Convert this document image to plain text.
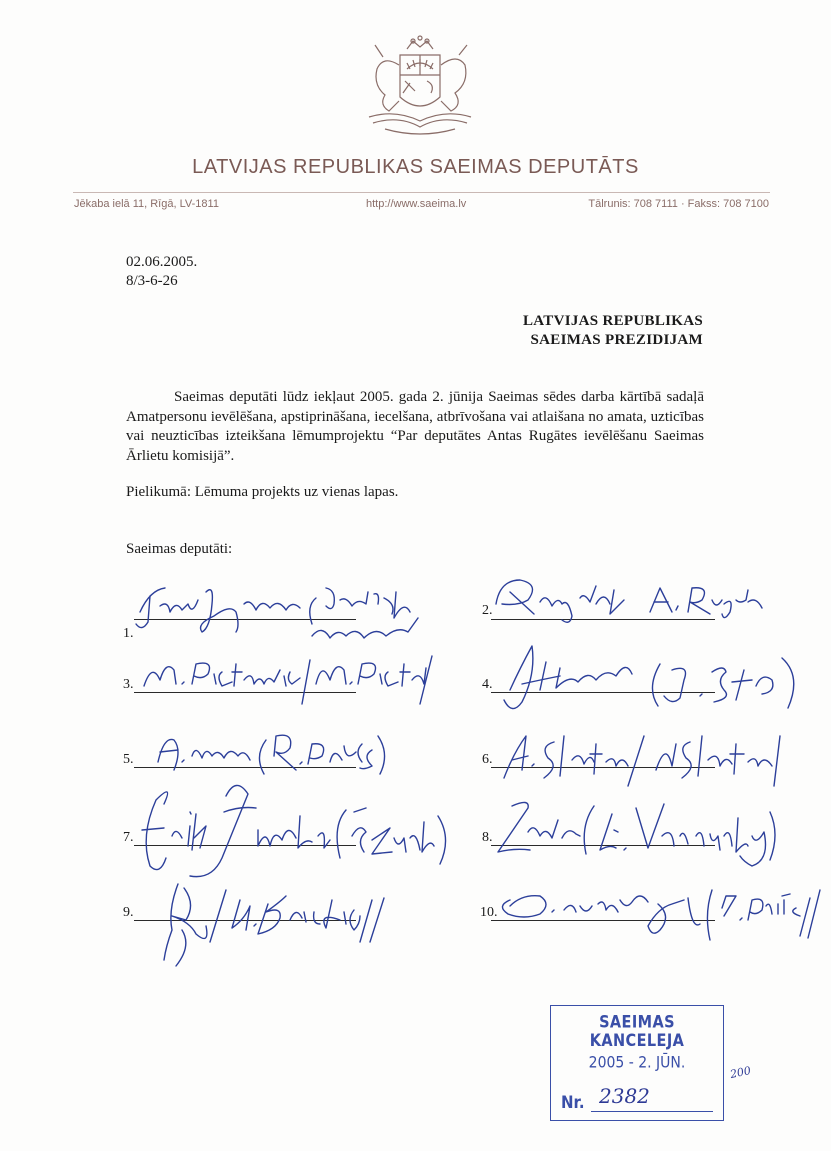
LATVIJAS REPUBLIKAS SAEIMAS DEPUTĀTS
Jēkaba ielā 11, Rīgā, LV-1811	http://www.saeima.lv	Tālrunis: 708 7111 · Fakss: 708 7100
02.06.2005.
8/3-6-26
LATVIJAS REPUBLIKAS
SAEIMAS PREZIDIJAM
Saeimas deputāti lūdz iekļaut 2005. gada 2. jūnija Saeimas sēdes darba kārtībā sadaļā Amatpersonu ievēlēšana, apstiprināšana, iecelšana, atbrīvošana vai atlaišana no amata, uzticības vai neuzticības izteikšana lēmumprojektu “Par deputātes Antas Rugātes ievēlēšanu Saeimas Ārlietu komisijā”.
Pielikumā: Lēmuma projekts uz vienas lapas.
Saeimas deputāti:
1.
2.
3.	4.
5.	6.
7.	8.
9.	10.
SAEIMAS KANCELEJA
2005 - 2. JŪN.
Nr. 2382
200
